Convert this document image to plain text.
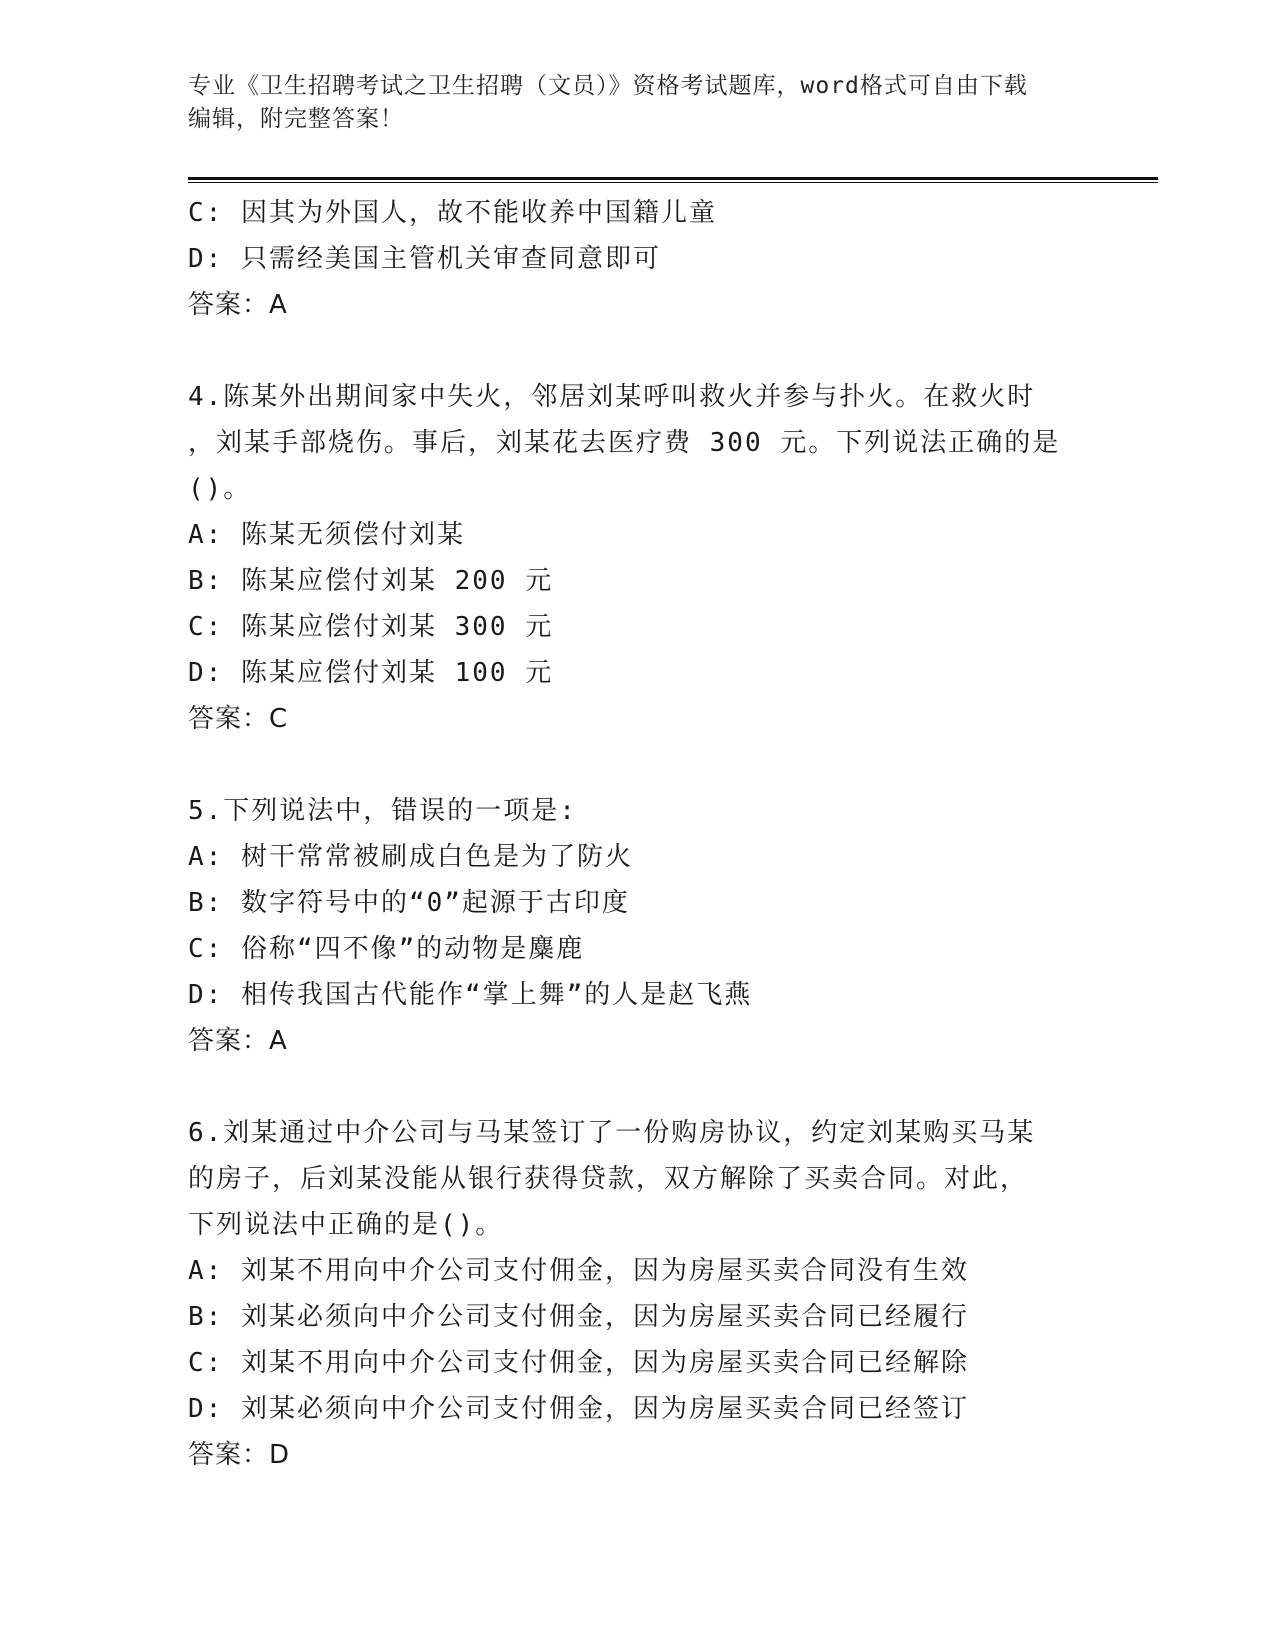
专业《卫生招聘考试之卫生招聘（文员）》资格考试题库，word格式可自由下载
编辑，附完整答案！
C: 因其为外国人，故不能收养中国籍儿童
D: 只需经美国主管机关审查同意即可
答案：A
4.陈某外出期间家中失火，邻居刘某呼叫救火并参与扑火。在救火时
，刘某手部烧伤。事后，刘某花去医疗费 300 元。下列说法正确的是
()。
A: 陈某无须偿付刘某
B: 陈某应偿付刘某 200 元
C: 陈某应偿付刘某 300 元
D: 陈某应偿付刘某 100 元
答案：C
5.下列说法中，错误的一项是:
A: 树干常常被刷成白色是为了防火
B: 数字符号中的“0”起源于古印度
C: 俗称“四不像”的动物是麋鹿
D: 相传我国古代能作“掌上舞”的人是赵飞燕
答案：A
6.刘某通过中介公司与马某签订了一份购房协议，约定刘某购买马某
的房子，后刘某没能从银行获得贷款，双方解除了买卖合同。对此，
下列说法中正确的是()。
A: 刘某不用向中介公司支付佣金，因为房屋买卖合同没有生效
B: 刘某必须向中介公司支付佣金，因为房屋买卖合同已经履行
C: 刘某不用向中介公司支付佣金，因为房屋买卖合同已经解除
D: 刘某必须向中介公司支付佣金，因为房屋买卖合同已经签订
答案：D
